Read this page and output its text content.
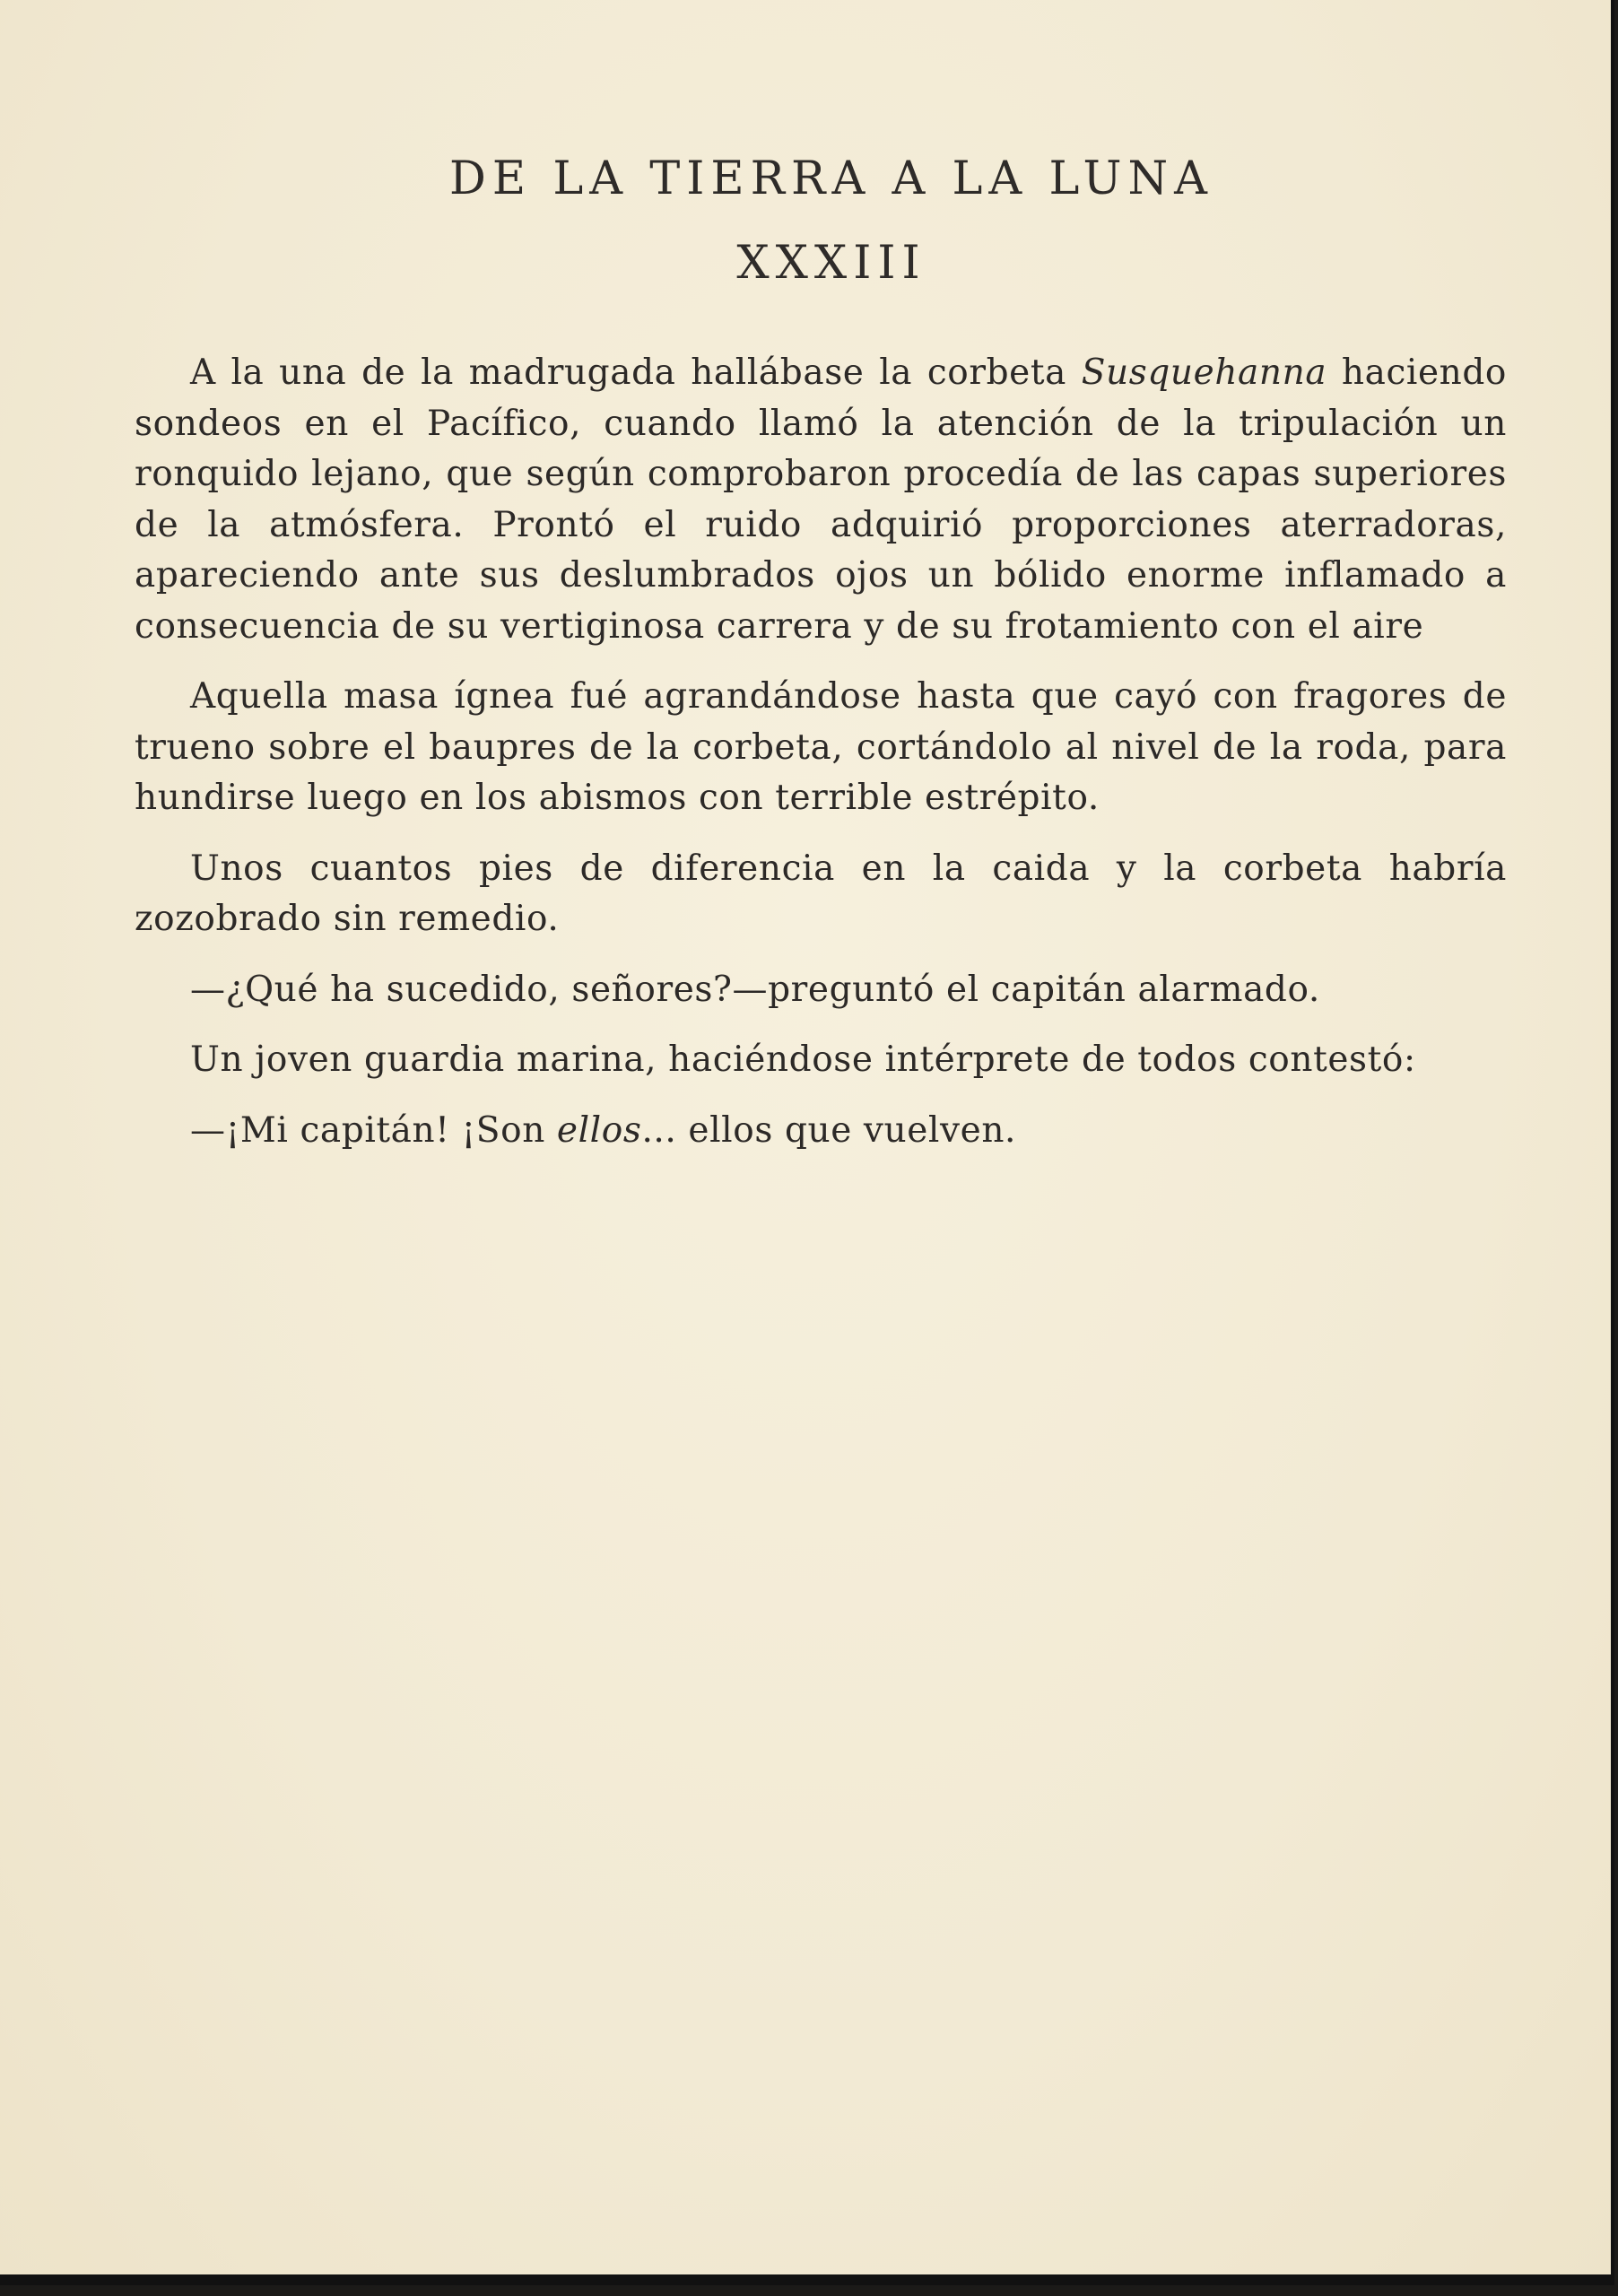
DE LA TIERRA A LA LUNA
XXXIII

A la una de la madrugada hallábase la corbeta Susquehanna haciendo sondeos en el Pacífico, cuando llamó la atención de la tripulación un ronquido lejano, que según comprobaron procedía de las capas superiores de la atmósfera. Prontó el ruido adquirió proporciones aterradoras, apareciendo ante sus deslumbrados ojos un bólido enorme inflamado a consecuencia de su vertiginosa carrera y de su frotamiento con el aire

Aquella masa ígnea fué agrandándose hasta que cayó con fragores de trueno sobre el baupres de la corbeta, cortándolo al nivel de la roda, para hundirse luego en los abismos con terrible estrépito.

Unos cuantos pies de diferencia en la caida y la corbeta habría zozobrado sin remedio.

—¿Qué ha sucedido, señores?—preguntó el capitán alarmado.

Un joven guardia marina, haciéndose intérprete de todos contestó:

—¡Mi capitán! ¡Son ellos... ellos que vuelven.
